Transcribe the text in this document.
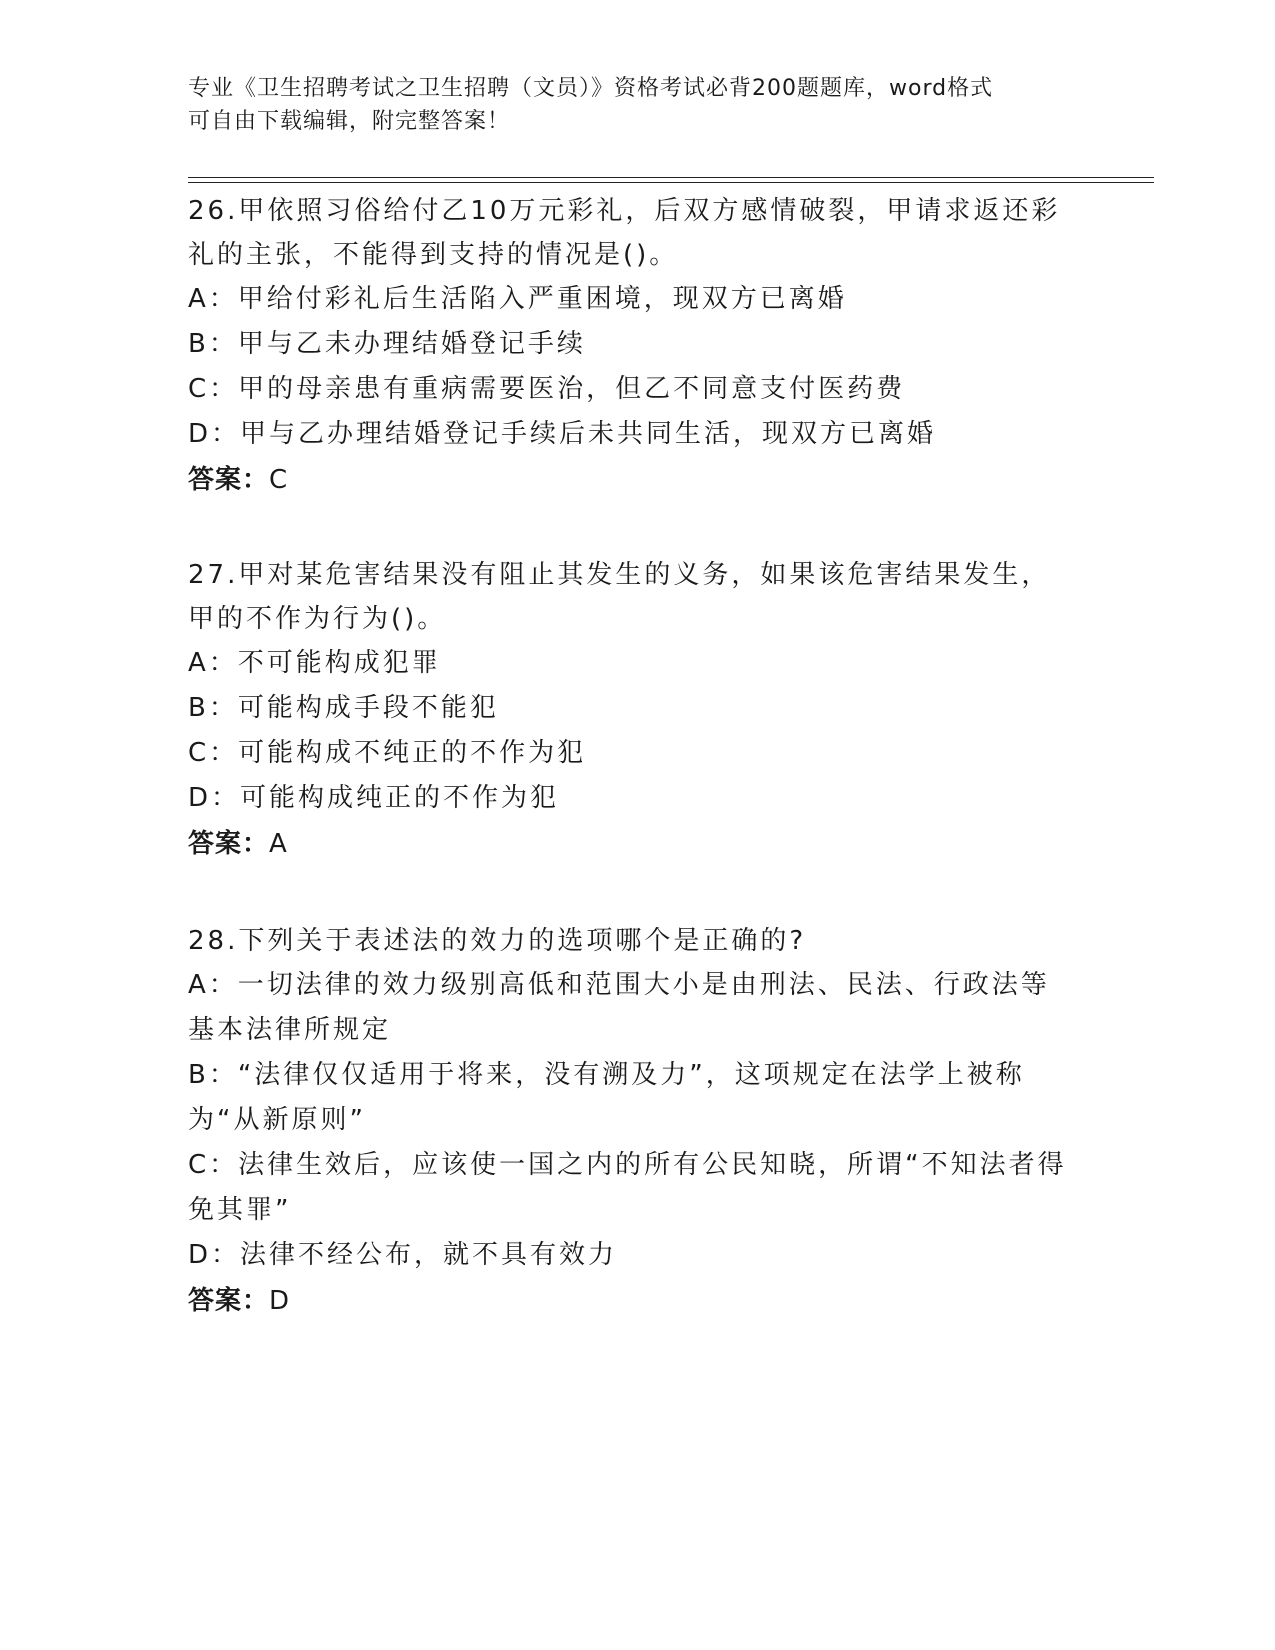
专业《卫生招聘考试之卫生招聘（文员）》资格考试必背200题题库，word格式
可自由下载编辑，附完整答案！
26.甲依照习俗给付乙10万元彩礼，后双方感情破裂，甲请求返还彩礼的主张，不能得到支持的情况是()。
A：甲给付彩礼后生活陷入严重困境，现双方已离婚
B：甲与乙未办理结婚登记手续
C：甲的母亲患有重病需要医治，但乙不同意支付医药费
D：甲与乙办理结婚登记手续后未共同生活，现双方已离婚
答案：C
27.甲对某危害结果没有阻止其发生的义务，如果该危害结果发生，甲的不作为行为()。
A：不可能构成犯罪
B：可能构成手段不能犯
C：可能构成不纯正的不作为犯
D：可能构成纯正的不作为犯
答案：A
28.下列关于表述法的效力的选项哪个是正确的?
A：一切法律的效力级别高低和范围大小是由刑法、民法、行政法等基本法律所规定
B：“法律仅仅适用于将来，没有溯及力”，这项规定在法学上被称为“从新原则”
C：法律生效后，应该使一国之内的所有公民知晓，所谓“不知法者得免其罪”
D：法律不经公布，就不具有效力
答案：D
